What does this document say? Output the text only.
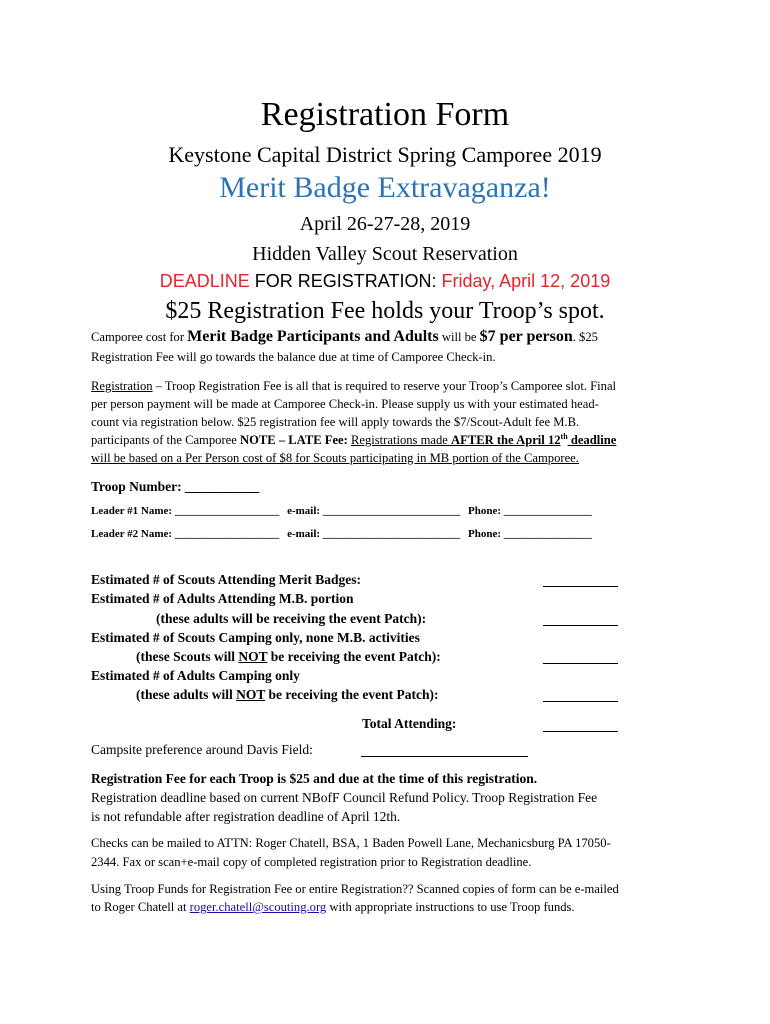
Registration Form
Keystone Capital District Spring Camporee 2019
Merit Badge Extravaganza!
April 26-27-28, 2019
Hidden Valley Scout Reservation
DEADLINE FOR REGISTRATION: Friday, April 12, 2019
$25 Registration Fee holds your Troop’s spot.
Camporee cost for Merit Badge Participants and Adults will be $7 per person. $25
Registration Fee will go towards the balance due at time of Camporee Check-in.
Registration – Troop Registration Fee is all that is required to reserve your Troop’s Camporee slot. Final
per person payment will be made at Camporee Check-in. Please supply us with your estimated head-
count via registration below. $25 registration fee will apply towards the $7/Scout-Adult fee M.B.
participants of the Camporee NOTE – LATE Fee: Registrations made AFTER the April 12th deadline
will be based on a Per Person cost of $8 for Scouts participating in MB portion of the Camporee.
Troop Number: ___________
Leader #1 Name: ___________________ e-mail: _________________________ Phone: ________________
Leader #2 Name: ___________________ e-mail: _________________________ Phone: ________________
Estimated # of Scouts Attending Merit Badges:
Estimated # of Adults Attending M.B. portion
(these adults will be receiving the event Patch):
Estimated # of Scouts Camping only, none M.B. activities
(these Scouts will NOT be receiving the event Patch):
Estimated # of Adults Camping only
(these adults will NOT be receiving the event Patch):
Total Attending:
Campsite preference around Davis Field:
Registration Fee for each Troop is $25 and due at the time of this registration.
Registration deadline based on current NBofF Council Refund Policy. Troop Registration Fee
is not refundable after registration deadline of April 12th.
Checks can be mailed to ATTN: Roger Chatell, BSA, 1 Baden Powell Lane, Mechanicsburg PA 17050-
2344. Fax or scan+e-mail copy of completed registration prior to Registration deadline.
Using Troop Funds for Registration Fee or entire Registration?? Scanned copies of form can be e-mailed
to Roger Chatell at roger.chatell@scouting.org with appropriate instructions to use Troop funds.
